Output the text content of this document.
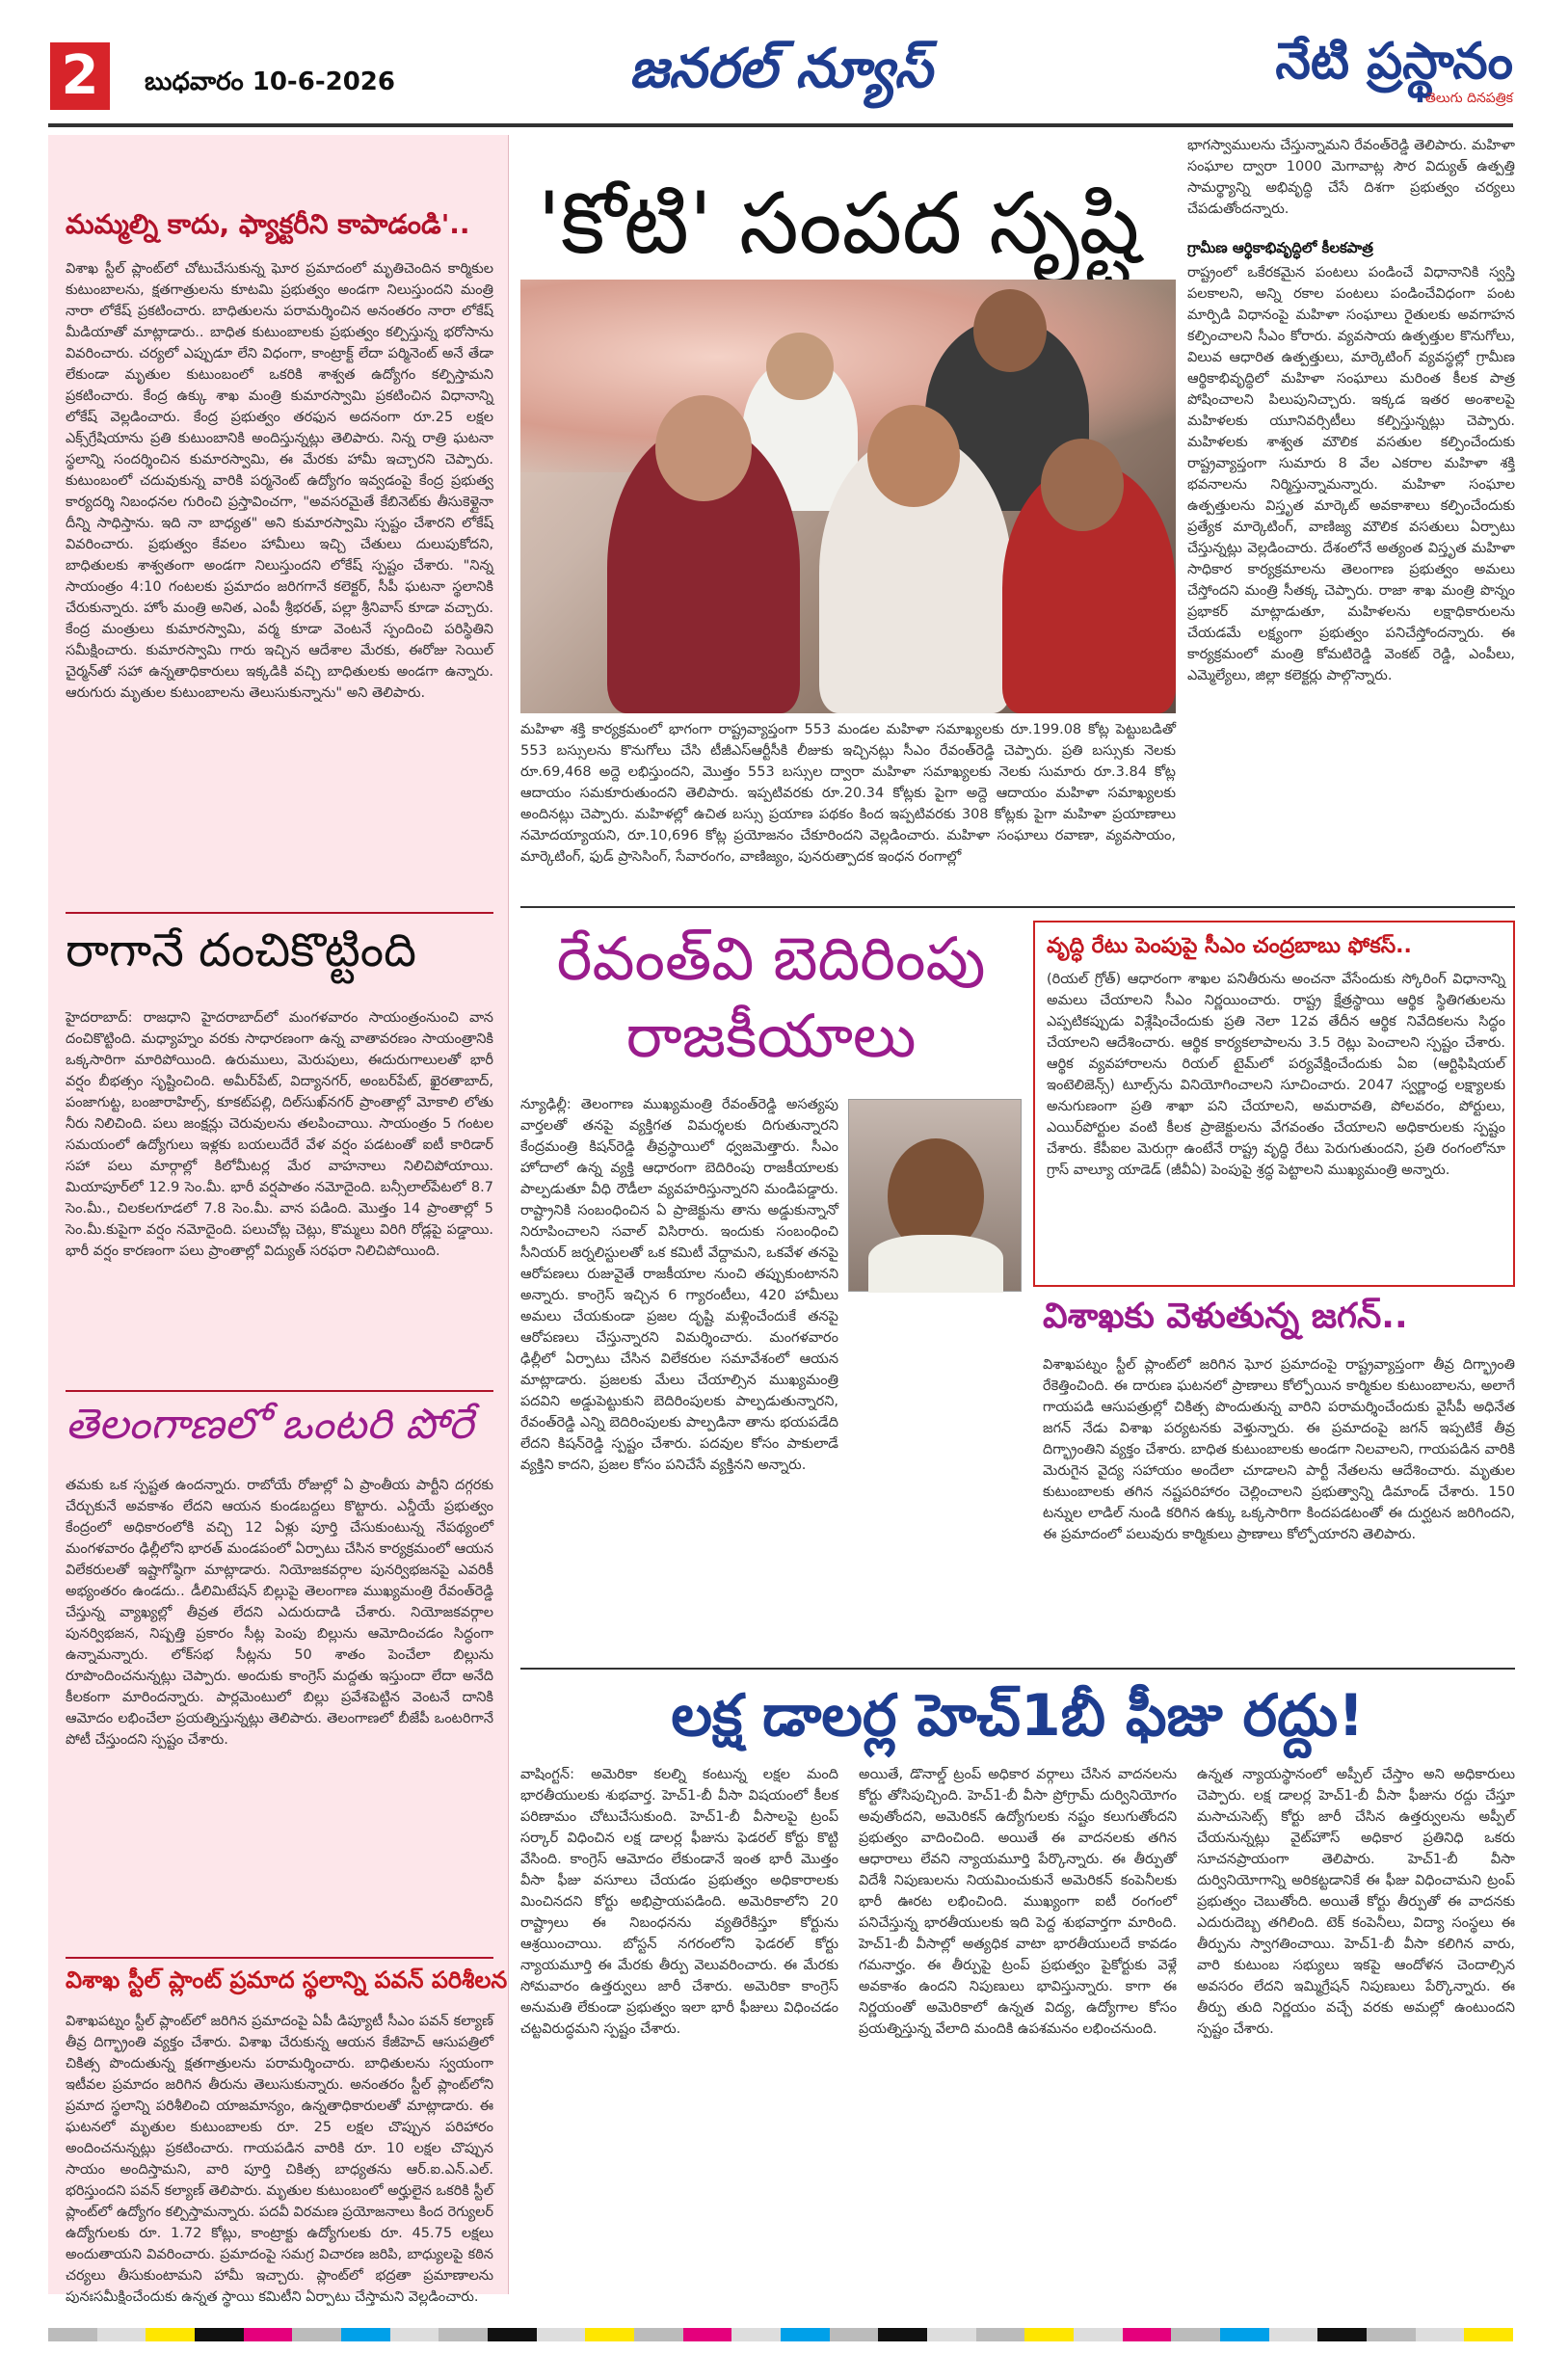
2	బుధవారం 10-6-2026	జనరల్ న్యూస్	నేటి ప్రస్థానం
తెలుగు దినపత్రిక
మమ్మల్ని కాదు, ఫ్యాక్టరీని కాపాడండి'..
విశాఖ స్టీల్ ప్లాంట్‌లో చోటుచేసుకున్న ఘోర ప్రమాదంలో మృతిచెందిన కార్మికుల కుటుంబాలను, క్షతగాత్రులను కూటమి ప్రభుత్వం అండగా నిలుస్తుందని మంత్రి నారా లోకేష్ ప్రకటించారు. బాధితులను పరామర్శించిన అనంతరం నారా లోకేష్ మీడియాతో మాట్లాడారు.. బాధిత కుటుంబాలకు ప్రభుత్వం కల్పిస్తున్న భరోసాను వివరించారు. చర్యలో ఎప్పుడూ లేని విధంగా, కాంట్రాక్ట్ లేదా పర్మినెంట్ అనే తేడా లేకుండా మృతుల కుటుంబంలో ఒకరికి శాశ్వత ఉద్యోగం కల్పిస్తామని ప్రకటించారు. కేంద్ర ఉక్కు శాఖ మంత్రి కుమారస్వామి ప్రకటించిన విధానాన్ని లోకేష్ వెల్లడించారు. కేంద్ర ప్రభుత్వం తరఫున అదనంగా రూ.25 లక్షల ఎక్స్‌గ్రేషియాను ప్రతి కుటుంబానికి అందిస్తున్నట్లు తెలిపారు. నిన్న రాత్రి ఘటనా స్థలాన్ని సందర్శించిన కుమారస్వామి, ఈ మేరకు హామీ ఇచ్చారని చెప్పారు. కుటుంబంలో చదువుకున్న వారికి పర్మనెంట్ ఉద్యోగం ఇవ్వడంపై కేంద్ర ప్రభుత్వ కార్యదర్శి నిబంధనల గురించి ప్రస్తావించగా, "అవసరమైతే కేబినెట్‌కు తీసుకెళ్లైనా దీన్ని సాధిస్తాను. ఇది నా బాధ్యత" అని కుమారస్వామి స్పష్టం చేశారని లోకేష్ వివరించారు. ప్రభుత్వం కేవలం హామీలు ఇచ్చి చేతులు దులుపుకోదని, బాధితులకు శాశ్వతంగా అండగా నిలుస్తుందని లోకేష్ స్పష్టం చేశారు. "నిన్న సాయంత్రం 4:10 గంటలకు ప్రమాదం జరిగగానే కలెక్టర్, సీపీ ఘటనా స్థలానికి చేరుకున్నారు. హోం మంత్రి అనిత, ఎంపీ శ్రీభరత్, పల్లా శ్రీనివాస్ కూడా వచ్చారు. కేంద్ర మంత్రులు కుమారస్వామి, వర్మ కూడా వెంటనే స్పందించి పరిస్థితిని సమీక్షించారు. కుమారస్వామి గారు ఇచ్చిన ఆదేశాల మేరకు, ఈరోజు సెయిల్ చైర్మన్‌తో సహా ఉన్నతాధికారులు ఇక్కడికి వచ్చి బాధితులకు అండగా ఉన్నారు. ఆరుగురు మృతుల కుటుంబాలను తెలుసుకున్నాను" అని తెలిపారు.
రాగానే దంచికొట్టింది
హైదరాబాద్: రాజధాని హైదరాబాద్‌లో మంగళవారం సాయంత్రంనుంచి వాన దంచికొట్టింది. మధ్యాహ్నం వరకు సాధారణంగా ఉన్న వాతావరణం సాయంత్రానికి ఒక్కసారిగా మారిపోయింది. ఉరుములు, మెరుపులు, ఈదురుగాలులతో భారీ వర్షం బీభత్సం సృష్టించింది. అమీర్‌పేట్, విద్యానగర్, అంబర్‌పేట్, ఖైరతాబాద్, పంజాగుట్ట, బంజారాహిల్స్, కూకట్‌పల్లి, దిల్‌సుఖ్‌నగర్ ప్రాంతాల్లో మోకాలి లోతు నీరు నిలిచింది. పలు జంక్షన్లు చెరువులను తలపించాయి. సాయంత్రం 5 గంటల సమయంలో ఉద్యోగులు ఇళ్లకు బయలుదేరే వేళ వర్షం పడటంతో ఐటీ కారిడార్ సహా పలు మార్గాల్లో కిలోమీటర్ల మేర వాహనాలు నిలిచిపోయాయి. మియాపూర్‌లో 12.9 సెం.మీ. భారీ వర్షపాతం నమోదైంది. బన్సీలాల్‌పేటలో 8.7 సెం.మీ., చిలకలగూడలో 7.8 సెం.మీ. వాన పడింది. మొత్తం 14 ప్రాంతాల్లో 5 సెం.మీ.కుపైగా వర్షం నమోదైంది. పలుచోట్ల చెట్లు, కొమ్మలు విరిగి రోడ్లపై పడ్డాయి. భారీ వర్షం కారణంగా పలు ప్రాంతాల్లో విద్యుత్ సరఫరా నిలిచిపోయింది.
తెలంగాణలో ఒంటరి పోరే
తమకు ఒక స్పష్టత ఉందన్నారు. రాబోయే రోజుల్లో ఏ ప్రాంతీయ పార్టీని దగ్గరకు చేర్చుకునే అవకాశం లేదని ఆయన కుండబద్దలు కొట్టారు. ఎన్డీయే ప్రభుత్వం కేంద్రంలో అధికారంలోకి వచ్చి 12 ఏళ్లు పూర్తి చేసుకుంటున్న నేపథ్యంలో మంగళవారం ఢిల్లీలోని భారత్ మండపంలో ఏర్పాటు చేసిన కార్యక్రమంలో ఆయన విలేకరులతో ఇష్టాగోష్ఠిగా మాట్లాడారు. నియోజకవర్గాల పునర్విభజనపై ఎవరికీ అభ్యంతరం ఉండదు.. డీలిమిటేషన్ బిల్లుపై తెలంగాణ ముఖ్యమంత్రి రేవంత్‌రెడ్డి చేస్తున్న వ్యాఖ్యల్లో తీవ్రత లేదని ఎదురుదాడి చేశారు. నియోజకవర్గాల పునర్విభజన, నిష్పత్తి ప్రకారం సీట్ల పెంపు బిల్లును ఆమోదించడం సిద్ధంగా ఉన్నామన్నారు. లోక్‌సభ సీట్లను 50 శాతం పెంచేలా బిల్లును రూపొందించనున్నట్లు చెప్పారు. అందుకు కాంగ్రెస్ మద్దతు ఇస్తుందా లేదా అనేది కీలకంగా మారిందన్నారు. పార్లమెంటులో బిల్లు ప్రవేశపెట్టిన వెంటనే దానికి ఆమోదం లభించేలా ప్రయత్నిస్తున్నట్లు తెలిపారు. తెలంగాణలో బీజేపీ ఒంటరిగానే పోటీ చేస్తుందని స్పష్టం చేశారు.
విశాఖ స్టీల్ ప్లాంట్ ప్రమాద స్థలాన్ని పవన్ పరిశీలన
విశాఖపట్నం స్టీల్ ప్లాంట్‌లో జరిగిన ప్రమాదంపై ఏపీ డిప్యూటీ సీఎం పవన్ కల్యాణ్ తీవ్ర దిగ్భ్రాంతి వ్యక్తం చేశారు. విశాఖ చేరుకున్న ఆయన కేజీహెచ్ ఆసుపత్రిలో చికిత్స పొందుతున్న క్షతగాత్రులను పరామర్శించారు. బాధితులను స్వయంగా ఇటీవల ప్రమాదం జరిగిన తీరును తెలుసుకున్నారు. అనంతరం స్టీల్ ప్లాంట్‌లోని ప్రమాద స్థలాన్ని పరిశీలించి యాజమాన్యం, ఉన్నతాధికారులతో మాట్లాడారు. ఈ ఘటనలో మృతుల కుటుంబాలకు రూ. 25 లక్షల చొప్పున పరిహారం అందించనున్నట్లు ప్రకటించారు. గాయపడిన వారికి రూ. 10 లక్షల చొప్పున సాయం అందిస్తామని, వారి పూర్తి చికిత్స బాధ్యతను ఆర్.ఐ.ఎన్.ఎల్. భరిస్తుందని పవన్ కల్యాణ్ తెలిపారు. మృతుల కుటుంబంలో అర్హులైన ఒకరికి స్టీల్ ప్లాంట్‌లో ఉద్యోగం కల్పిస్తామన్నారు. పదవీ విరమణ ప్రయోజనాలు కింద రెగ్యులర్ ఉద్యోగులకు రూ. 1.72 కోట్లు, కాంట్రాక్టు ఉద్యోగులకు రూ. 45.75 లక్షలు అందుతాయని వివరించారు. ప్రమాదంపై సమగ్ర విచారణ జరిపి, బాధ్యులపై కఠిన చర్యలు తీసుకుంటామని హామీ ఇచ్చారు. ప్లాంట్‌లో భద్రతా ప్రమాణాలను పునఃసమీక్షించేందుకు ఉన్నత స్థాయి కమిటీని ఏర్పాటు చేస్తామని వెల్లడించారు.
'కోటి' సంపద సృష్టి
మహిళా శక్తి కార్యక్రమంలో భాగంగా రాష్ట్రవ్యాప్తంగా 553 మండల మహిళా సమాఖ్యలకు రూ.199.08 కోట్ల పెట్టుబడితో 553 బస్సులను కొనుగోలు చేసి టీజీఎస్ఆర్టీసీకి లీజుకు ఇచ్చినట్లు సీఎం రేవంత్‌రెడ్డి చెప్పారు. ప్రతి బస్సుకు నెలకు రూ.69,468 అద్దె లభిస్తుందని, మొత్తం 553 బస్సుల ద్వారా మహిళా సమాఖ్యలకు నెలకు సుమారు రూ.3.84 కోట్ల ఆదాయం సమకూరుతుందని తెలిపారు. ఇప్పటివరకు రూ.20.34 కోట్లకు పైగా అద్దె ఆదాయం మహిళా సమాఖ్యలకు అందినట్లు చెప్పారు. మహిళల్లో ఉచిత బస్సు ప్రయాణ పథకం కింద ఇప్పటివరకు 308 కోట్లకు పైగా మహిళా ప్రయాణాలు నమోదయ్యాయని, రూ.10,696 కోట్ల ప్రయోజనం చేకూరిందని వెల్లడించారు. మహిళా సంఘాలు రవాణా, వ్యవసాయం, మార్కెటింగ్, ఫుడ్ ప్రాసెసింగ్, సేవారంగం, వాణిజ్యం, పునరుత్పాదక ఇంధన రంగాల్లో
భాగస్వాములను చేస్తున్నామని రేవంత్‌రెడ్డి తెలిపారు. మహిళా సంఘాల ద్వారా 1000 మెగావాట్ల సౌర విద్యుత్ ఉత్పత్తి సామర్థ్యాన్ని అభివృద్ధి చేసే దిశగా ప్రభుత్వం చర్యలు చేపడుతోందన్నారు.
గ్రామీణ ఆర్థికాభివృద్ధిలో కీలకపాత్ర
రాష్ట్రంలో ఒకేరకమైన పంటలు పండించే విధానానికి స్వస్తి పలకాలని, అన్ని రకాల పంటలు పండించేవిధంగా పంట మార్పిడి విధానంపై మహిళా సంఘాలు రైతులకు అవగాహన కల్పించాలని సీఎం కోరారు. వ్యవసాయ ఉత్పత్తుల కొనుగోలు, విలువ ఆధారిత ఉత్పత్తులు, మార్కెటింగ్ వ్యవస్థల్లో గ్రామీణ ఆర్థికాభివృద్ధిలో మహిళా సంఘాలు మరింత కీలక పాత్ర పోషించాలని పిలుపునిచ్చారు. ఇక్కడ ఇతర అంశాలపై మహిళలకు యూనివర్సిటీలు కల్పిస్తున్నట్లు చెప్పారు. మహిళలకు శాశ్వత మౌలిక వసతుల కల్పించేందుకు రాష్ట్రవ్యాప్తంగా సుమారు 8 వేల ఎకరాల మహిళా శక్తి భవనాలను నిర్మిస్తున్నామన్నారు. మహిళా సంఘాల ఉత్పత్తులను విస్తృత మార్కెట్ అవకాశాలు కల్పించేందుకు ప్రత్యేక మార్కెటింగ్, వాణిజ్య మౌలిక వసతులు ఏర్పాటు చేస్తున్నట్లు వెల్లడించారు. దేశంలోనే అత్యంత విస్తృత మహిళా సాధికార కార్యక్రమాలను తెలంగాణ ప్రభుత్వం అమలు చేస్తోందని మంత్రి సీతక్క చెప్పారు. రాజా శాఖ మంత్రి పొన్నం ప్రభాకర్ మాట్లాడుతూ, మహిళలను లక్షాధికారులను చేయడమే లక్ష్యంగా ప్రభుత్వం పనిచేస్తోందన్నారు. ఈ కార్యక్రమంలో మంత్రి కోమటిరెడ్డి వెంకట్ రెడ్డి, ఎంపీలు, ఎమ్మెల్యేలు, జిల్లా కలెక్టర్లు పాల్గొన్నారు.
రేవంత్‌వి బెదిరింపు రాజకీయాలు
న్యూఢిల్లీ: తెలంగాణ ముఖ్యమంత్రి రేవంత్‌రెడ్డి అసత్యపు వార్తలతో తనపై వ్యక్తిగత విమర్శలకు దిగుతున్నారని కేంద్రమంత్రి కిషన్‌రెడ్డి తీవ్రస్థాయిలో ధ్వజమెత్తారు. సీఎం హోదాలో ఉన్న వ్యక్తి ఆధారంగా బెదిరింపు రాజకీయాలకు పాల్పడుతూ వీధి రౌడీలా వ్యవహరిస్తున్నారని మండిపడ్డారు. రాష్ట్రానికి సంబంధించిన ఏ ప్రాజెక్టును తాను అడ్డుకున్నానో నిరూపించాలని సవాల్ విసిరారు. ఇందుకు సంబంధించి సీనియర్ జర్నలిస్టులతో ఒక కమిటీ వేద్దామని, ఒకవేళ తనపై ఆరోపణలు రుజువైతే రాజకీయాల నుంచి తప్పుకుంటానని అన్నారు. కాంగ్రెస్ ఇచ్చిన 6 గ్యారంటీలు, 420 హామీలు అమలు చేయకుండా ప్రజల దృష్టి మళ్లించేందుకే తనపై ఆరోపణలు చేస్తున్నారని విమర్శించారు. మంగళవారం ఢిల్లీలో ఏర్పాటు చేసిన విలేకరుల సమావేశంలో ఆయన మాట్లాడారు. ప్రజలకు మేలు చేయాల్సిన ముఖ్యమంత్రి పదవిని అడ్డుపెట్టుకుని బెదిరింపులకు పాల్పడుతున్నారని, రేవంత్‌రెడ్డి ఎన్ని బెదిరింపులకు పాల్పడినా తాను భయపడేది లేదని కిషన్‌రెడ్డి స్పష్టం చేశారు. పదవుల కోసం పాకులాడే వ్యక్తిని కాదని, ప్రజల కోసం పనిచేసే వ్యక్తినని అన్నారు.
వృద్ధి రేటు పెంపుపై సీఎం చంద్రబాబు ఫోకస్..
(రియల్ గ్రోత్) ఆధారంగా శాఖల పనితీరును అంచనా వేసేందుకు స్కోరింగ్ విధానాన్ని అమలు చేయాలని సీఎం నిర్ణయించారు. రాష్ట్ర క్షేత్రస్థాయి ఆర్థిక స్థితిగతులను ఎప్పటికప్పుడు విశ్లేషించేందుకు ప్రతి నెలా 12వ తేదీన ఆర్థిక నివేదికలను సిద్ధం చేయాలని ఆదేశించారు. ఆర్థిక కార్యకలాపాలను 3.5 రెట్లు పెంచాలని స్పష్టం చేశారు. ఆర్థిక వ్యవహారాలను రియల్ టైమ్‌లో పర్యవేక్షించేందుకు ఏఐ (ఆర్టిఫిషియల్ ఇంటెలిజెన్స్) టూల్స్‌ను వినియోగించాలని సూచించారు. 2047 స్వర్ణాంధ్ర లక్ష్యాలకు అనుగుణంగా ప్రతి శాఖా పని చేయాలని, అమరావతి, పోలవరం, పోర్టులు, ఎయిర్‌పోర్టుల వంటి కీలక ప్రాజెక్టులను వేగవంతం చేయాలని అధికారులకు స్పష్టం చేశారు. కేపీఐల మెరుగ్గా ఉంటేనే రాష్ట్ర వృద్ధి రేటు పెరుగుతుందని, ప్రతి రంగంలోనూ గ్రాస్ వాల్యూ యాడెడ్ (జీవీఏ) పెంపుపై శ్రద్ధ పెట్టాలని ముఖ్యమంత్రి అన్నారు.
విశాఖకు వెళుతున్న జగన్..
విశాఖపట్నం స్టీల్ ప్లాంట్‌లో జరిగిన ఘోర ప్రమాదంపై రాష్ట్రవ్యాప్తంగా తీవ్ర దిగ్భ్రాంతి రేకెత్తించింది. ఈ దారుణ ఘటనలో ప్రాణాలు కోల్పోయిన కార్మికుల కుటుంబాలను, అలాగే గాయపడి ఆసుపత్రుల్లో చికిత్స పొందుతున్న వారిని పరామర్శించేందుకు వైసీపీ అధినేత జగన్ నేడు విశాఖ పర్యటనకు వెళ్తున్నారు. ఈ ప్రమాదంపై జగన్ ఇప్పటికే తీవ్ర దిగ్భ్రాంతిని వ్యక్తం చేశారు. బాధిత కుటుంబాలకు అండగా నిలవాలని, గాయపడిన వారికి మెరుగైన వైద్య సహాయం అందేలా చూడాలని పార్టీ నేతలను ఆదేశించారు. మృతుల కుటుంబాలకు తగిన నష్టపరిహారం చెల్లించాలని ప్రభుత్వాన్ని డిమాండ్ చేశారు. 150 టన్నుల లాడిల్ నుండి కరిగిన ఉక్కు ఒక్కసారిగా కిందపడటంతో ఈ దుర్ఘటన జరిగిందని, ఈ ప్రమాదంలో పలువురు కార్మికులు ప్రాణాలు కోల్పోయారని తెలిపారు.
లక్ష డాలర్ల హెచ్1బీ ఫీజు రద్దు!
వాషింగ్టన్: అమెరికా కలల్ని కంటున్న లక్షల మంది భారతీయులకు శుభవార్త. హెచ్1-బీ వీసా విషయంలో కీలక పరిణామం చోటుచేసుకుంది. హెచ్1-బీ వీసాలపై ట్రంప్ సర్కార్ విధించిన లక్ష డాలర్ల ఫీజును ఫెడరల్ కోర్టు కొట్టి వేసింది. కాంగ్రెస్ ఆమోదం లేకుండానే ఇంత భారీ మొత్తం వీసా ఫీజు వసూలు చేయడం ప్రభుత్వం అధికారాలకు మించినదని కోర్టు అభిప్రాయపడింది. అమెరికాలోని 20 రాష్ట్రాలు ఈ నిబంధనను వ్యతిరేకిస్తూ కోర్టును ఆశ్రయించాయి. బోస్టన్ నగరంలోని ఫెడరల్ కోర్టు న్యాయమూర్తి ఈ మేరకు తీర్పు వెలువరించారు. ఈ మేరకు సోమవారం ఉత్తర్వులు జారీ చేశారు. అమెరికా కాంగ్రెస్ అనుమతి లేకుండా ప్రభుత్వం ఇలా భారీ ఫీజులు విధించడం చట్టవిరుద్ధమని స్పష్టం చేశారు.
అయితే, డొనాల్డ్ ట్రంప్ అధికార వర్గాలు చేసిన వాదనలను కోర్టు తోసిపుచ్చింది. హెచ్1-బీ వీసా ప్రోగ్రామ్ దుర్వినియోగం అవుతోందని, అమెరికన్ ఉద్యోగులకు నష్టం కలుగుతోందని ప్రభుత్వం వాదించింది. అయితే ఈ వాదనలకు తగిన ఆధారాలు లేవని న్యాయమూర్తి పేర్కొన్నారు. ఈ తీర్పుతో విదేశీ నిపుణులను నియమించుకునే అమెరికన్ కంపెనీలకు భారీ ఊరట లభించింది. ముఖ్యంగా ఐటీ రంగంలో పనిచేస్తున్న భారతీయులకు ఇది పెద్ద శుభవార్తగా మారింది. హెచ్1-బీ వీసాల్లో అత్యధిక వాటా భారతీయులదే కావడం గమనార్హం. ఈ తీర్పుపై ట్రంప్ ప్రభుత్వం పైకోర్టుకు వెళ్లే అవకాశం ఉందని నిపుణులు భావిస్తున్నారు. కాగా ఈ నిర్ణయంతో అమెరికాలో ఉన్నత విద్య, ఉద్యోగాల కోసం ప్రయత్నిస్తున్న వేలాది మందికి ఉపశమనం లభించనుంది.
ఉన్నత న్యాయస్థానంలో అప్పీల్ చేస్తాం అని అధికారులు చెప్పారు. లక్ష డాలర్ల హెచ్1-బీ వీసా ఫీజును రద్దు చేస్తూ మసాచుసెట్స్ కోర్టు జారీ చేసిన ఉత్తర్వులను అప్పీల్ చేయనున్నట్లు వైట్‌హౌస్ అధికార ప్రతినిధి ఒకరు సూచనప్రాయంగా తెలిపారు. హెచ్1-బీ వీసా దుర్వినియోగాన్ని అరికట్టడానికే ఈ ఫీజు విధించామని ట్రంప్ ప్రభుత్వం చెబుతోంది. అయితే కోర్టు తీర్పుతో ఈ వాదనకు ఎదురుదెబ్బ తగిలింది. టెక్ కంపెనీలు, విద్యా సంస్థలు ఈ తీర్పును స్వాగతించాయి. హెచ్1-బీ వీసా కలిగిన వారు, వారి కుటుంబ సభ్యులు ఇకపై ఆందోళన చెందాల్సిన అవసరం లేదని ఇమ్మిగ్రేషన్ నిపుణులు పేర్కొన్నారు. ఈ తీర్పు తుది నిర్ణయం వచ్చే వరకు అమల్లో ఉంటుందని స్పష్టం చేశారు.
